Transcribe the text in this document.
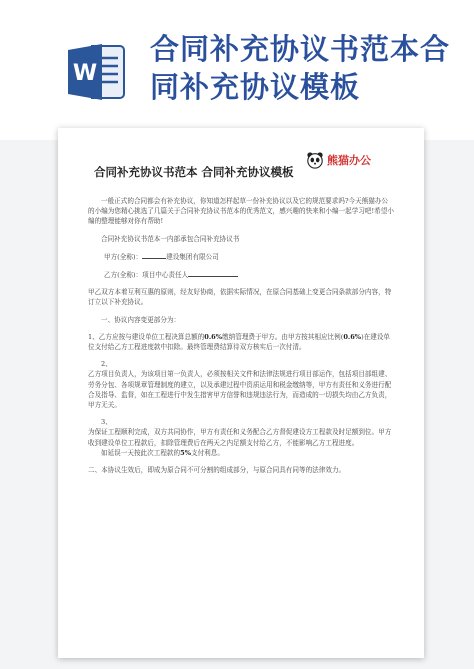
W
合同补充协议书范本合
同补充协议模板
合同补充协议书范本 合同补充协议模板
熊猫办公

一般正式的合同都会有补充协议，你知道怎样起草一份补充协议以及它的规范要求吗?今天熊猫办公的小编为您精心挑选了几篇关于合同补充协议书范本的优秀范文，感兴趣的快来和小编一起学习吧!希望小编的整理能够对你有帮助!

合同补充协议书范本一内部承包合同补充协议书

甲方(全称)：	建设集团有限公司

乙方(全称)：项目中心责任人

甲乙双方本着互利互惠的原则，经友好协商，依据实际情况，在原合同基础上变更合同条款部分内容，特订立以下补充协议。

一、协议内容变更部分为：

1、乙方应按与建设单位工程决算总额的0.6%缴纳管理费于甲方。由甲方按其相应比例(0.6%)在建设单位支付给乙方工程进度款中扣除。最终管理费结算待双方核实后一次付清。

2、

乙方项目负责人，为该项目第一负责人，必须按相关文件和法律法规进行项目部运作，包括项目部组建、劳务分包、各项规章管理制度的建立，以及承建过程中资质运用和税金缴纳等，甲方有责任和义务进行配合及指导、监督，如在工程进行中发生措害甲方信誉和违规违法行为，而造成的一切损失均由乙方负责，甲方无关。

3、

为保证工程顺利完成，双方共同协作，甲方有责任和义务配合乙方督促建设方工程款及时足额到位。甲方收到建设单位工程款后，扣除管理费后在两天之内足额支付给乙方，不能影响乙方工程进度。

如延误一天按此次工程款的5%支付利息。

二、本协议生效后，即成为原合同不可分割的组成部分，与原合同具有同等的法律效力。
